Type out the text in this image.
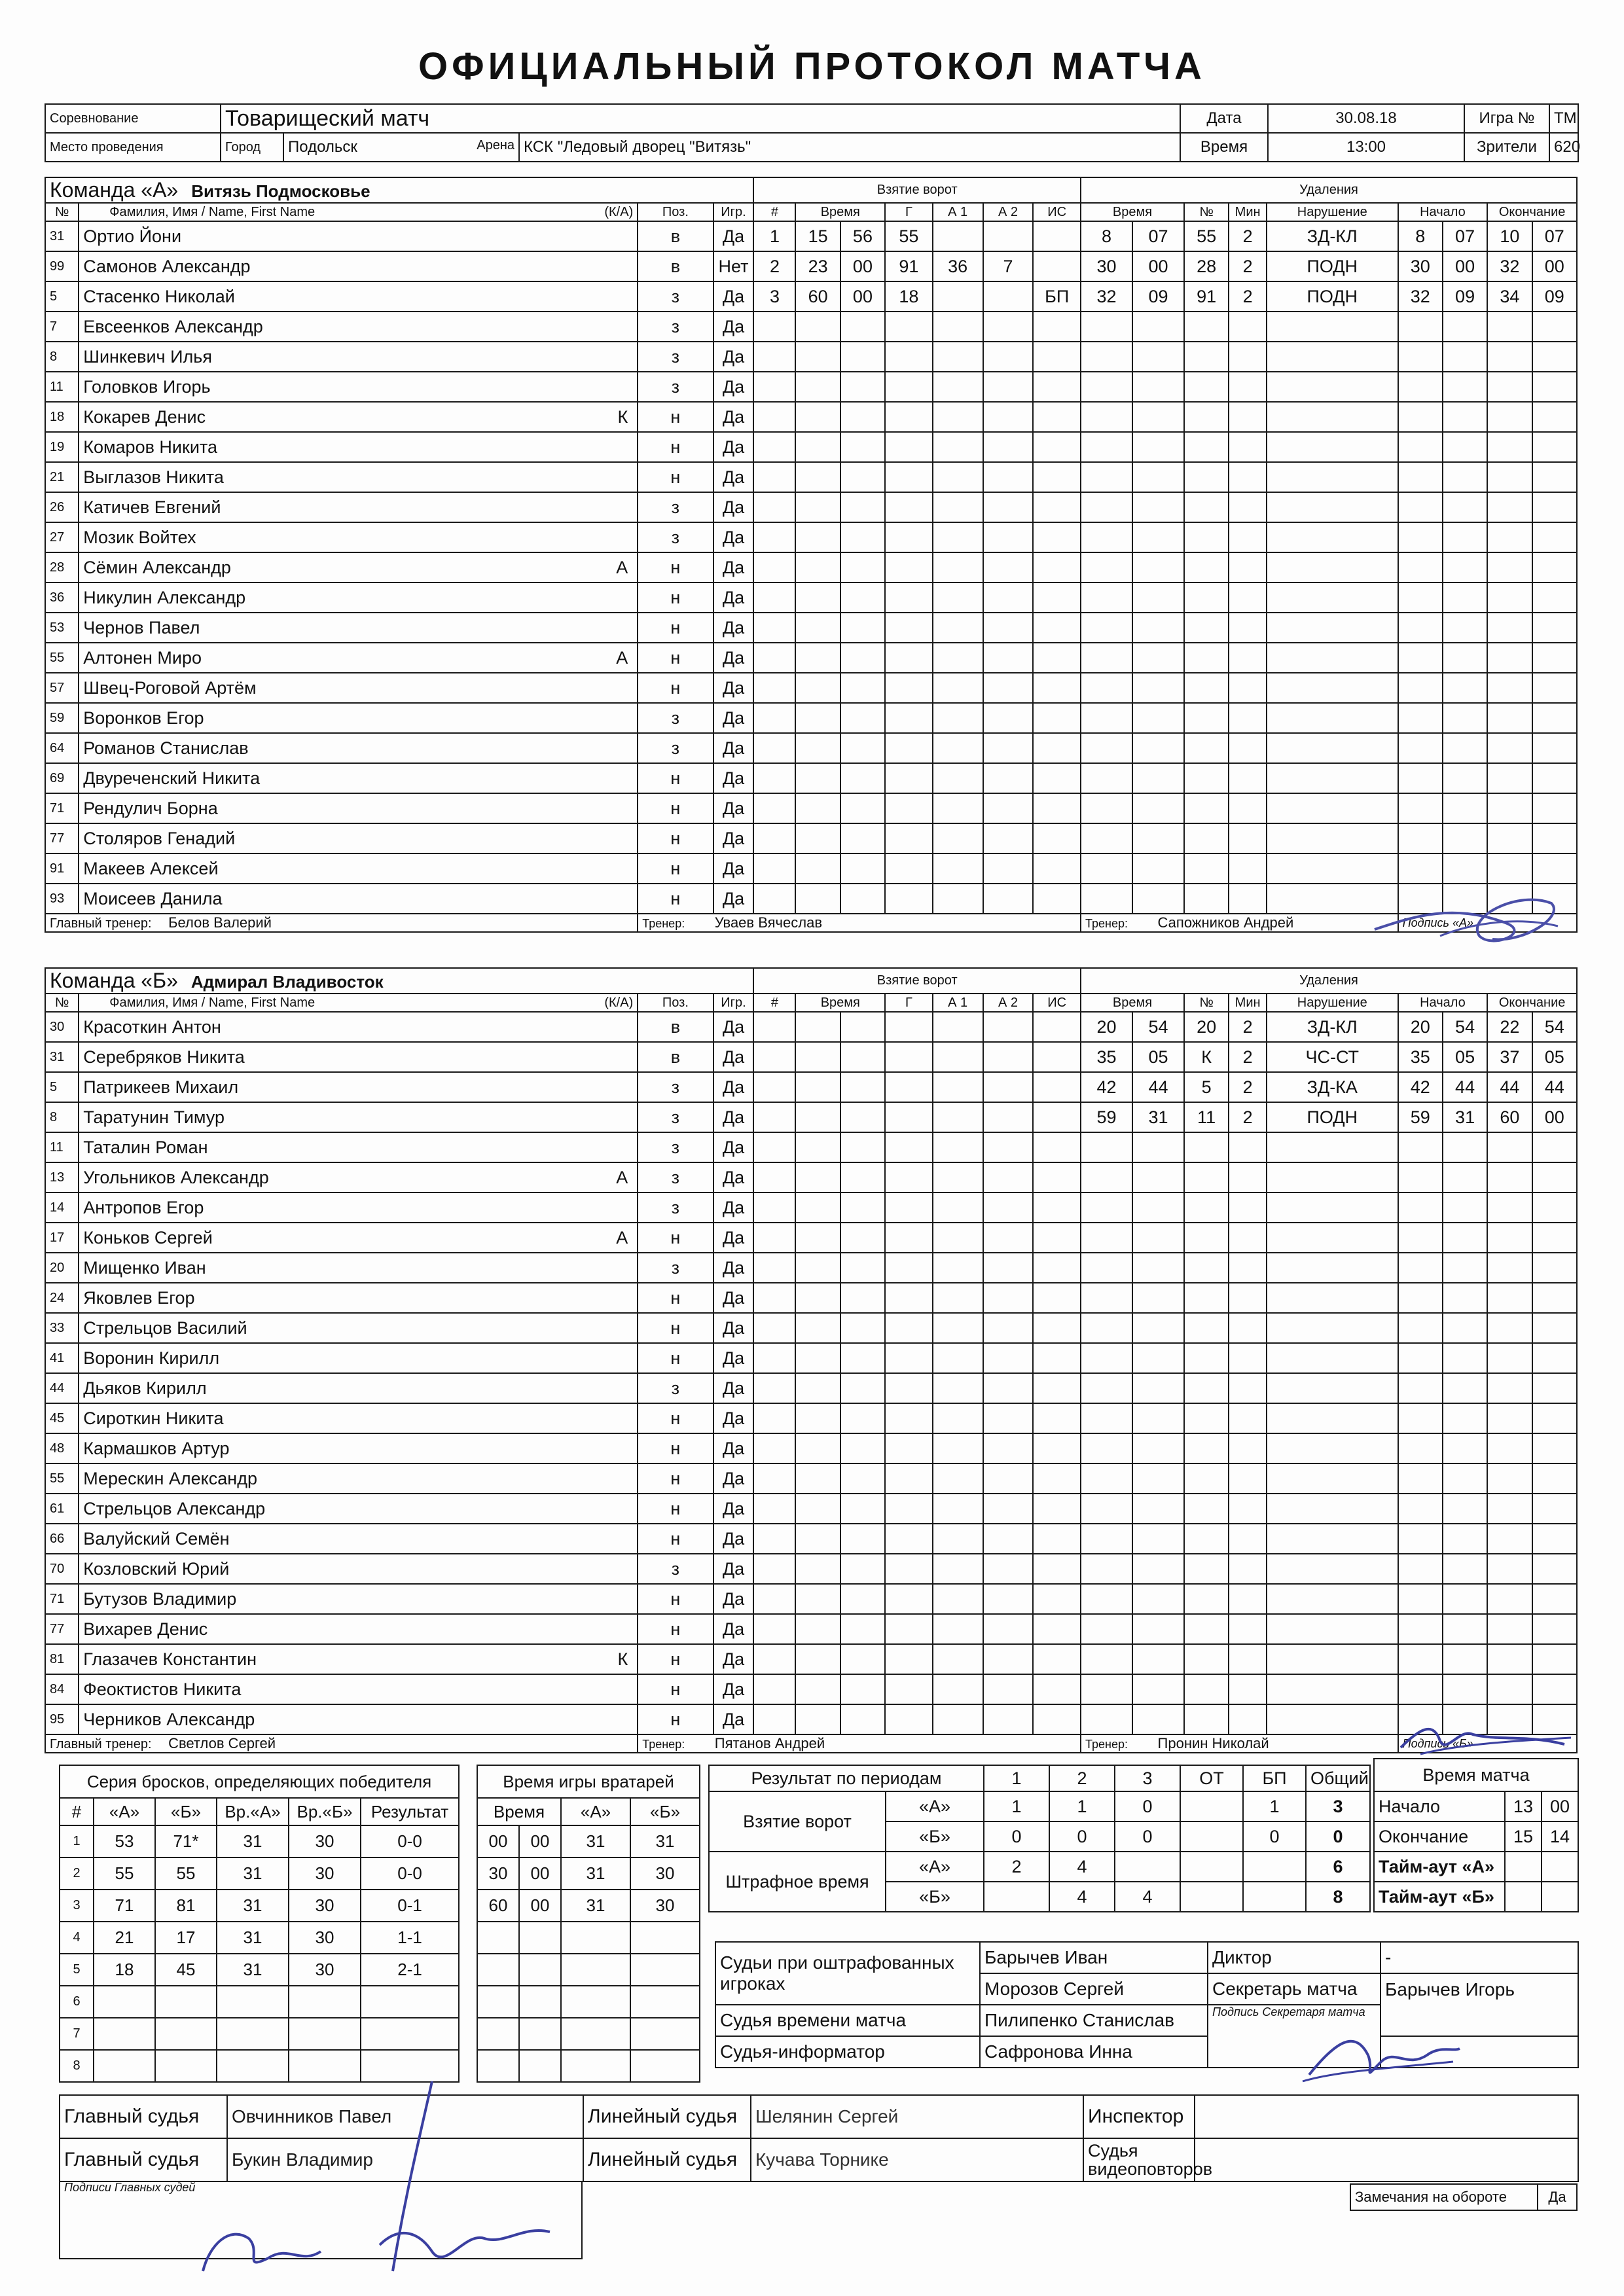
ОФИЦИАЛЬНЫЙ ПРОТОКОЛ МАТЧА
Соревнование	Товарищеский матч			Дата	30.08.18	Игра №	ТМ
Место проведения	Город	Подольск Арена	КСК "Ледовый дворец "Витязь"	Время	13:00	Зрители	620
Команда «А» Витязь Подмосковье				Взятие ворот							Удаления								
№	Фамилия, Имя / Name, First Name (К/А)	Поз.	Игр.	#	Время		Г	А 1	А 2	ИС	Время		№	Мин	Нарушение	Начало		Окончание	
31	Ортио Йони	в	Да	1	15	56	55				8	07	55	2	ЗД-КЛ	8	07	10	07
99	Самонов Александр	в	Нет	2	23	00	91	36	7		30	00	28	2	ПОДН	30	00	32	00
5	Стасенко Николай	з	Да	3	60	00	18			БП	32	09	91	2	ПОДН	32	09	34	09
7	Евсеенков Александр	з	Да																
8	Шинкевич Илья	з	Да																
11	Головков Игорь	з	Да																
18	Кокарев Денис К	н	Да																
19	Комаров Никита	н	Да																
21	Выглазов Никита	н	Да																
26	Катичев Евгений	з	Да																
27	Мозик Войтех	з	Да																
28	Сёмин Александр А	н	Да																
36	Никулин Александр	н	Да																
53	Чернов Павел	н	Да																
55	Алтонен Миро А	н	Да																
57	Швец-Роговой Артём	н	Да																
59	Воронков Егор	з	Да																
64	Романов Станислав	з	Да																
69	Двуреченский Никита	н	Да																
71	Рендулич Борна	н	Да																
77	Столяров Генадий	н	Да																
91	Макеев Алексей	н	Да																
93	Моисеев Данила	н	Да																
Главный тренер: Белов Валерий		Тренер: Уваев Вячеслав									Тренер: Сапожников Андрей					Подпись «А»			
Команда «Б» Адмирал Владивосток				Взятие ворот							Удаления								
№	Фамилия, Имя / Name, First Name (К/А)	Поз.	Игр.	#	Время		Г	А 1	А 2	ИС	Время		№	Мин	Нарушение	Начало		Окончание	
30	Красоткин Антон	в	Да								20	54	20	2	ЗД-КЛ	20	54	22	54
31	Серебряков Никита	в	Да								35	05	К	2	ЧС-СТ	35	05	37	05
5	Патрикеев Михаил	з	Да								42	44	5	2	ЗД-КА	42	44	44	44
8	Таратунин Тимур	з	Да								59	31	11	2	ПОДН	59	31	60	00
11	Таталин Роман	з	Да																
13	Угольников Александр А	з	Да																
14	Антропов Егор	з	Да																
17	Коньков Сергей А	н	Да																
20	Мищенко Иван	з	Да																
24	Яковлев Егор	н	Да																
33	Стрельцов Василий	н	Да																
41	Воронин Кирилл	н	Да																
44	Дьяков Кирилл	з	Да																
45	Сироткин Никита	н	Да																
48	Кармашков Артур	н	Да																
55	Мерескин Александр	н	Да																
61	Стрельцов Александр	н	Да																
66	Валуйский Семён	н	Да																
70	Козловский Юрий	з	Да																
71	Бутузов Владимир	н	Да																
77	Вихарев Денис	н	Да																
81	Глазачев Константин К	н	Да																
84	Феоктистов Никита	н	Да																
95	Черников Александр	н	Да																
Главный тренер: Светлов Сергей		Тренер: Пятанов Андрей									Тренер: Пронин Николай					Подпись «Б»			
Серия бросков, определяющих победителя					
#	«А»	«Б»	Вр.«А»	Вр.«Б»	Результат
1	53	71*	31	30	0-0
2	55	55	31	30	0-0
3	71	81	31	30	0-1
4	21	17	31	30	1-1
5	18	45	31	30	2-1
6					
7					
8					
Время игры вратарей			
Время		«А»	«Б»
00	00	31	31
30	00	31	30
60	00	31	30

Результат по периодам		1	2	3	ОТ	БП	Общий
Взятие ворот	«А»	1	1	0		1	3
	«Б»	0	0	0		0	0
Штрафное время	«А»	2	4				6
	«Б»		4	4			8
Время матча		
Начало	13	00
Окончание	15	14
Тайм-аут «А»		
Тайм-аут «Б»		
Судьи при оштрафованных игроках	Барычев Иван	Диктор	-
	Морозов Сергей	Секретарь матча	Барычев Игорь
Судья времени матча	Пилипенко Станислав	Подпись Секретаря матча	
Судья-информатор	Сафронова Инна		
Главный судья	Овчинников Павел	Линейный судья	Шелянин Сергей	Инспектор	
Главный судья	Букин Владимир	Линейный судья	Кучава Торнике	Судья видеоповторов	
Подписи Главных судей
Замечания на обороте	Да
